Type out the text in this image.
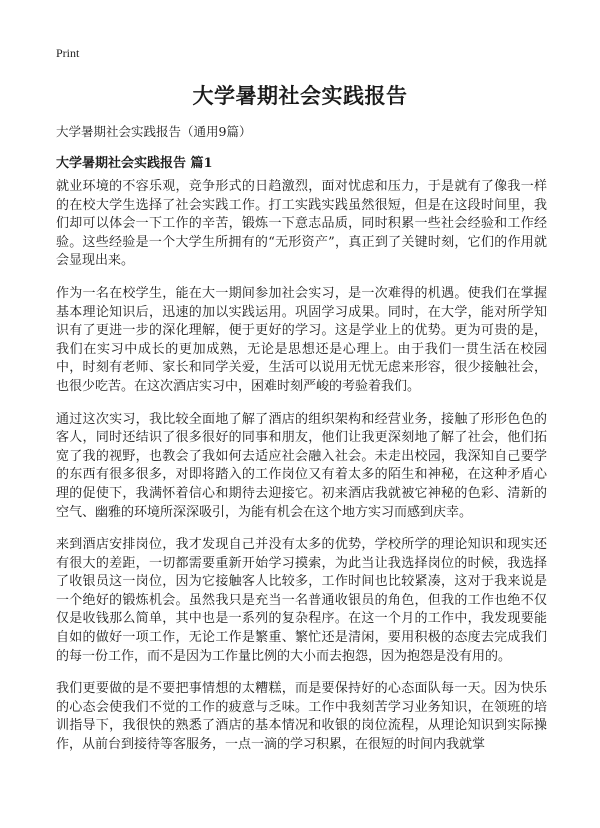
Print
大学暑期社会实践报告

大学暑期社会实践报告（通用9篇）

大学暑期社会实践报告 篇1

就业环境的不容乐观，竞争形式的日趋激烈，面对忧虑和压力，于是就有了像我一样的在校大学生选择了社会实践工作。打工实践实践虽然很短，但是在这段时间里，我们却可以体会一下工作的辛苦，锻炼一下意志品质，同时积累一些社会经验和工作经验。这些经验是一个大学生所拥有的“无形资产”，真正到了关键时刻，它们的作用就会显现出来。

作为一名在校学生，能在大一期间参加社会实习，是一次难得的机遇。使我们在掌握基本理论知识后，迅速的加以实践运用。巩固学习成果。同时，在大学，能对所学知识有了更进一步的深化理解，便于更好的学习。这是学业上的优势。更为可贵的是，我们在实习中成长的更加成熟，无论是思想还是心理上。由于我们一贯生活在校园中，时刻有老师、家长和同学关爱，生活可以说用无忧无虑来形容，很少接触社会，也很少吃苦。在这次酒店实习中，困难时刻严峻的考验着我们。

通过这次实习，我比较全面地了解了酒店的组织架构和经营业务，接触了形形色色的客人，同时还结识了很多很好的同事和朋友，他们让我更深刻地了解了社会，他们拓宽了我的视野，也教会了我如何去适应社会融入社会。未走出校园，我深知自己要学的东西有很多很多，对即将踏入的工作岗位又有着太多的陌生和神秘，在这种矛盾心理的促使下，我满怀着信心和期待去迎接它。初来酒店我就被它神秘的色彩、清新的空气、幽雅的环境所深深吸引，为能有机会在这个地方实习而感到庆幸。

来到酒店安排岗位，我才发现自己并没有太多的优势，学校所学的理论知识和现实还有很大的差距，一切都需要重新开始学习摸索，为此当让我选择岗位的时候，我选择了收银员这一岗位，因为它接触客人比较多，工作时间也比较紧凑，这对于我来说是一个绝好的锻炼机会。虽然我只是充当一名普通收银员的角色，但我的工作也绝不仅仅是收钱那么简单，其中也是一系列的复杂程序。在这一个月的工作中，我发现要能自如的做好一项工作，无论工作是繁重、繁忙还是清闲，要用积极的态度去完成我们的每一份工作，而不是因为工作量比例的大小而去抱怨，因为抱怨是没有用的。

我们更要做的是不要把事情想的太糟糕，而是要保持好的心态面队每一天。因为快乐的心态会使我们不觉的工作的疲意与乏味。工作中我刻苦学习业务知识，在领班的培训指导下，我很快的熟悉了酒店的基本情况和收银的岗位流程，从理论知识到实际操作，从前台到接待等客服务，一点一滴的学习积累，在很短的时间内我就掌
